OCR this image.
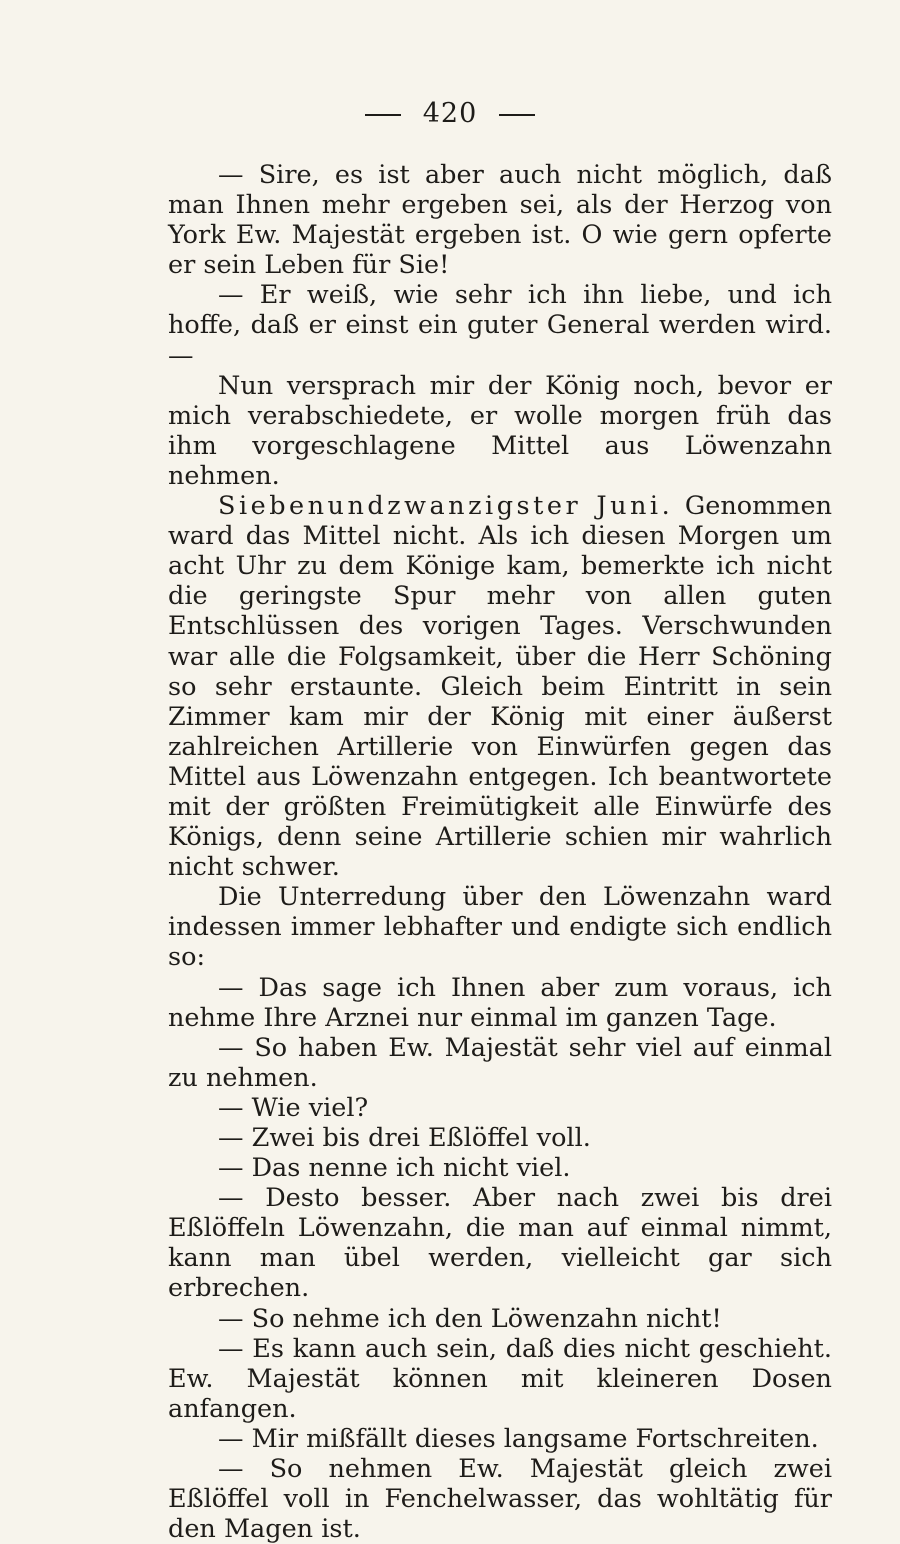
420

— Sire, es ist aber auch nicht möglich, daß man Ihnen mehr ergeben sei, als der Herzog von York Ew. Majestät ergeben ist. O wie gern opferte er sein Leben für Sie!

— Er weiß, wie sehr ich ihn liebe, und ich hoffe, daß er einst ein guter General werden wird. —

Nun versprach mir der König noch, bevor er mich verabschiedete, er wolle morgen früh das ihm vorgeschlagene Mittel aus Löwenzahn nehmen.

Siebenundzwanzigster Juni. Genommen ward das Mittel nicht. Als ich diesen Morgen um acht Uhr zu dem Könige kam, bemerkte ich nicht die geringste Spur mehr von allen guten Entschlüssen des vorigen Tages. Verschwunden war alle die Folgsamkeit, über die Herr Schöning so sehr erstaunte. Gleich beim Eintritt in sein Zimmer kam mir der König mit einer äußerst zahlreichen Artillerie von Einwürfen gegen das Mittel aus Löwenzahn entgegen. Ich beantwortete mit der größten Freimütigkeit alle Einwürfe des Königs, denn seine Artillerie schien mir wahrlich nicht schwer.

Die Unterredung über den Löwenzahn ward indessen immer lebhafter und endigte sich endlich so:

— Das sage ich Ihnen aber zum voraus, ich nehme Ihre Arznei nur einmal im ganzen Tage.

— So haben Ew. Majestät sehr viel auf einmal zu nehmen.

— Wie viel?

— Zwei bis drei Eßlöffel voll.

— Das nenne ich nicht viel.

— Desto besser. Aber nach zwei bis drei Eßlöffeln Löwenzahn, die man auf einmal nimmt, kann man übel werden, vielleicht gar sich erbrechen.

— So nehme ich den Löwenzahn nicht!

— Es kann auch sein, daß dies nicht geschieht. Ew. Majestät können mit kleineren Dosen anfangen.

— Mir mißfällt dieses langsame Fortschreiten.

— So nehmen Ew. Majestät gleich zwei Eßlöffel voll in Fenchelwasser, das wohltätig für den Magen ist.
